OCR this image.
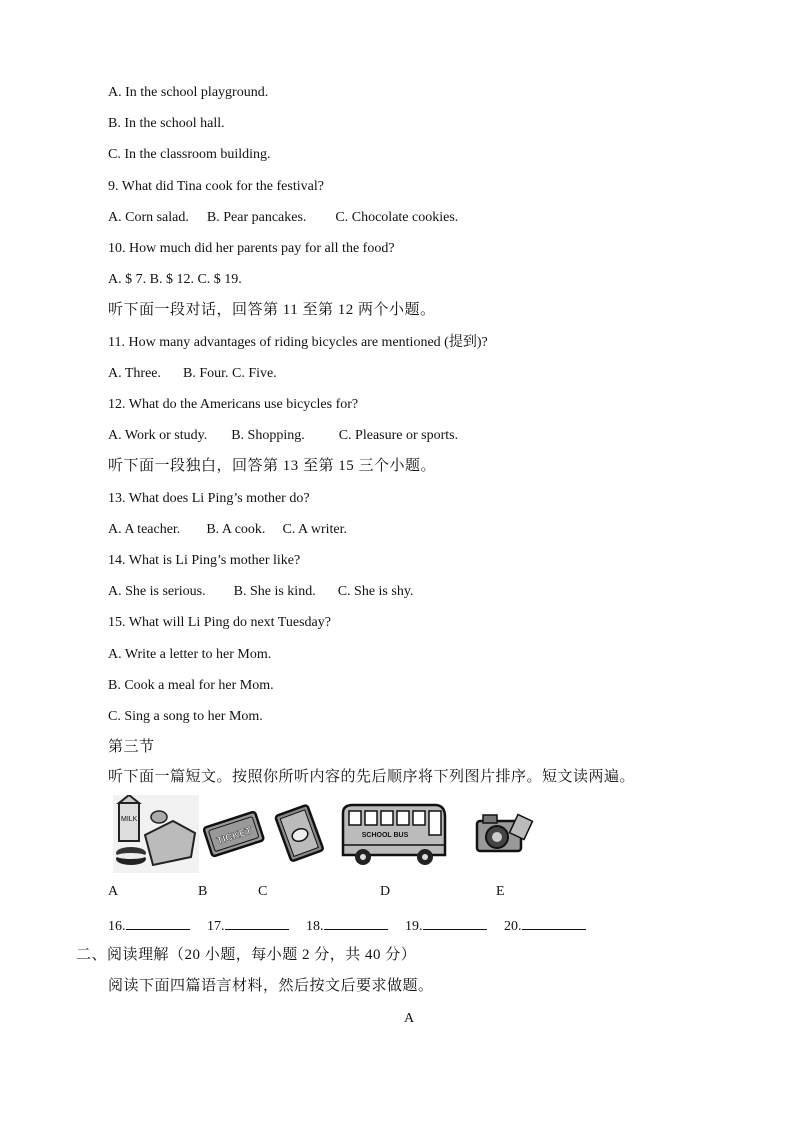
A. In the school playground.
B. In the school hall.
C. In the classroom building.
9. What did Tina cook for the festival?
A. Corn salad. B. Pear pancakes. C. Chocolate cookies.
10. How much did her parents pay for all the food?
A. $ 7. B. $ 12. C. $ 19.
听下面一段对话，回答第 11 至第 12 两个小题。
11. How many advantages of riding bicycles are mentioned (提到)?
A. Three. B. Four. C. Five.
12. What do the Americans use bicycles for?
A. Work or study. B. Shopping. C. Pleasure or sports.
听下面一段独白，回答第 13 至第 15 三个小题。
13. What does Li Ping’s mother do?
A. A teacher. B. A cook. C. A writer.
14. What is Li Ping’s mother like?
A. She is serious. B. She is kind. C. She is shy.
15. What will Li Ping do next Tuesday?
A. Write a letter to her Mom.
B. Cook a meal for her Mom.
C. Sing a song to her Mom.
第三节
听下面一篇短文。按照你所听内容的先后顺序将下列图片排序。短文读两遍。
MILK
TICKET	SCHOOL BUS
A	B	C	D	E
16.	17.	18.	19.	20.
二、阅读理解（20 小题，每小题 2 分，共 40 分）
阅读下面四篇语言材料，然后按文后要求做题。
A
